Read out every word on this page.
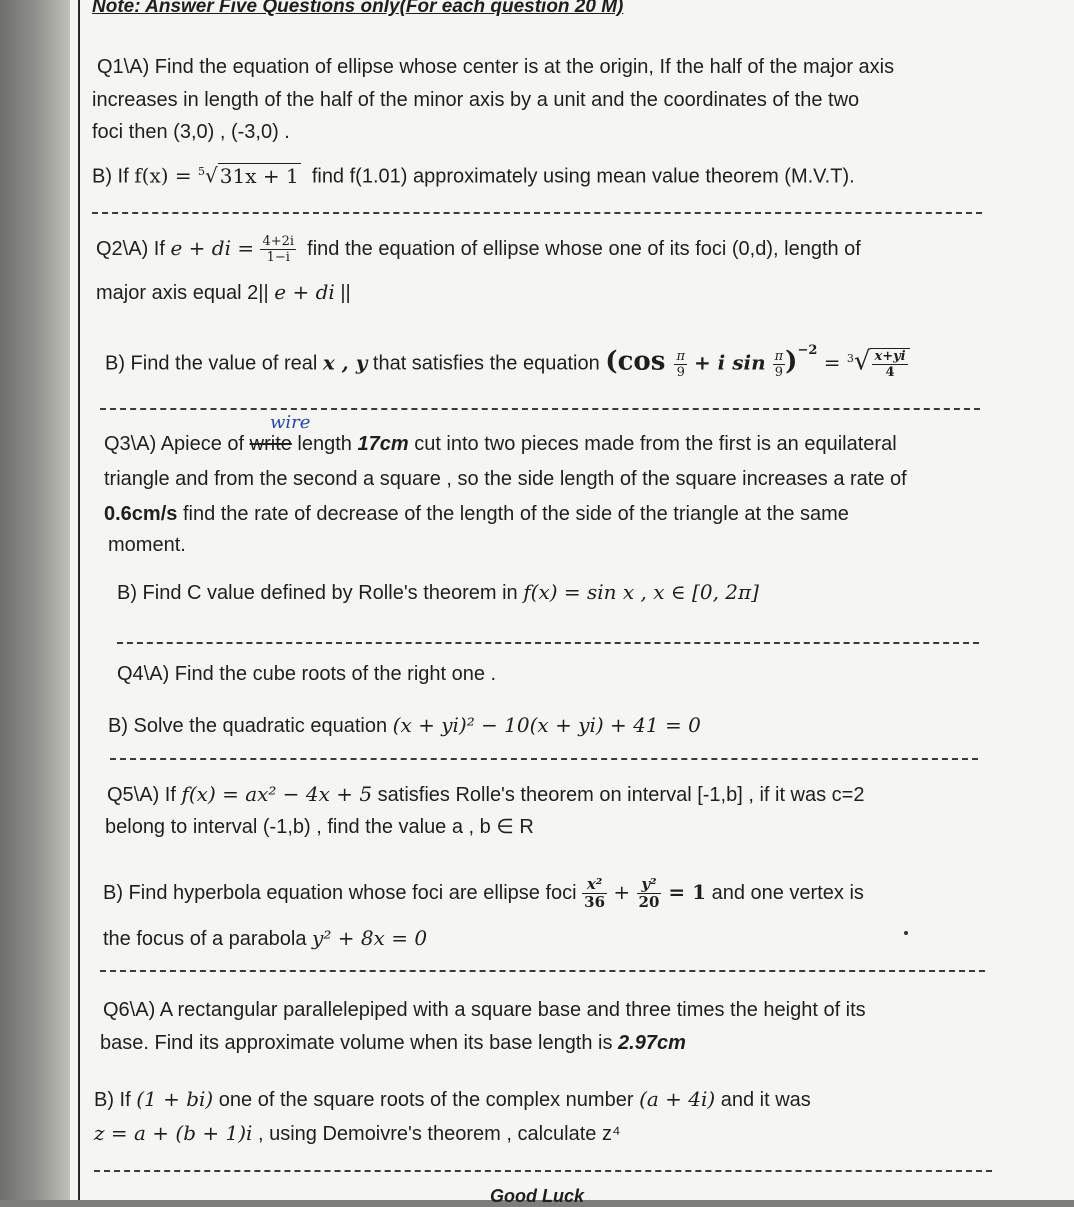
Note: Answer Five Questions only(For each question 20 M)
Q1\A) Find the equation of ellipse whose center is at the origin, If the half of the major axis
increases in length of the half of the minor axis by a unit and the coordinates of the two
foci then (3,0) , (-3,0) .
B) If f(x) = $^5$√ 31x + 1 find f(1.01) approximately using mean value theorem (M.V.T).
Q2\A) If e + di = $\frac{4+2i}{1-i}$ find the equation of ellipse whose one of its foci (0,d), length of
major axis equal 2|| e + di ||
B) Find the value of real x , y that satisfies the equation ($\cos \frac{\pi}{9} + i$ $\sin \frac{\pi}{9} )^{-2} = ^3√ \frac{x+yi}{4}$
wire
Q3\A) Apiece of write length 17cm cut into two pieces made from the first is an equilateral
triangle and from the second a square , so the side length of the square increases a rate of
0.6cm/s find the rate of decrease of the length of the side of the triangle at the same
moment.
B) Find C value defined by Rolle's theorem in f(x) = sin x , x ∈ [0, 2π]
Q4\A) Find the cube roots of the right one .
B) Solve the quadratic equation (x + yi)² − 10(x + yi) + 41 = 0
Q5\A) If f(x) = ax² − 4x + 5 satisfies Rolle's theorem on interval [-1,b] , if it was c=2
belong to interval (-1,b) , find the value a , b ∈ R
B) Find hyperbola equation whose foci are ellipse foci $\frac{\text{x²}}{36} + \frac{\text{y²}}{20} = 1$ and one vertex is
the focus of a parabola y² + 8x = 0
Q6\A) A rectangular parallelepiped with a square base and three times the height of its
base. Find its approximate volume when its base length is 2.97cm
B) If (1 + bi) one of the square roots of the complex number (a + 4i) and it was
z = a + (b + 1)i , using Demoivre's theorem , calculate z⁴
Good Luck
